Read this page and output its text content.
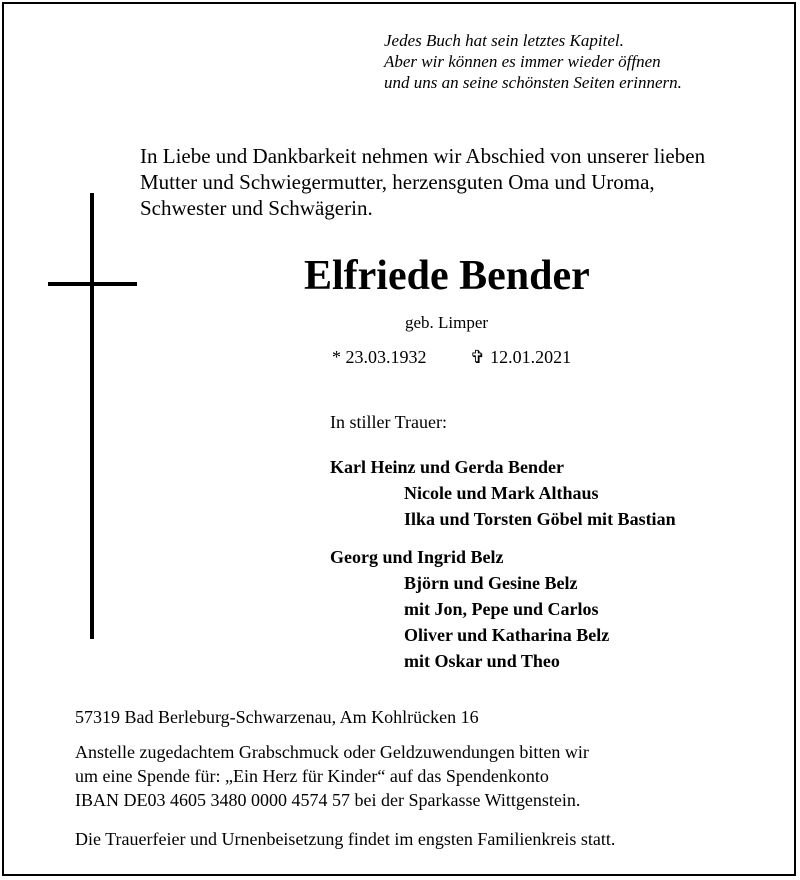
Jedes Buch hat sein letztes Kapitel.
Aber wir können es immer wieder öffnen
und uns an seine schönsten Seiten erinnern.
In Liebe und Dankbarkeit nehmen wir Abschied von unserer lieben
Mutter und Schwiegermutter, herzensguten Oma und Uroma,
Schwester und Schwägerin.
Elfriede Bender
geb. Limper
* 23.03.1932 ✞ 12.01.2021
In stiller Trauer:
Karl Heinz und Gerda Bender
Nicole und Mark Althaus
Ilka und Torsten Göbel mit Bastian
Georg und Ingrid Belz
Björn und Gesine Belz
mit Jon, Pepe und Carlos
Oliver und Katharina Belz
mit Oskar und Theo
57319 Bad Berleburg-Schwarzenau, Am Kohlrücken 16
Anstelle zugedachtem Grabschmuck oder Geldzuwendungen bitten wir
um eine Spende für: „Ein Herz für Kinder“ auf das Spendenkonto
IBAN DE03 4605 3480 0000 4574 57 bei der Sparkasse Wittgenstein.
Die Trauerfeier und Urnenbeisetzung findet im engsten Familienkreis statt.
